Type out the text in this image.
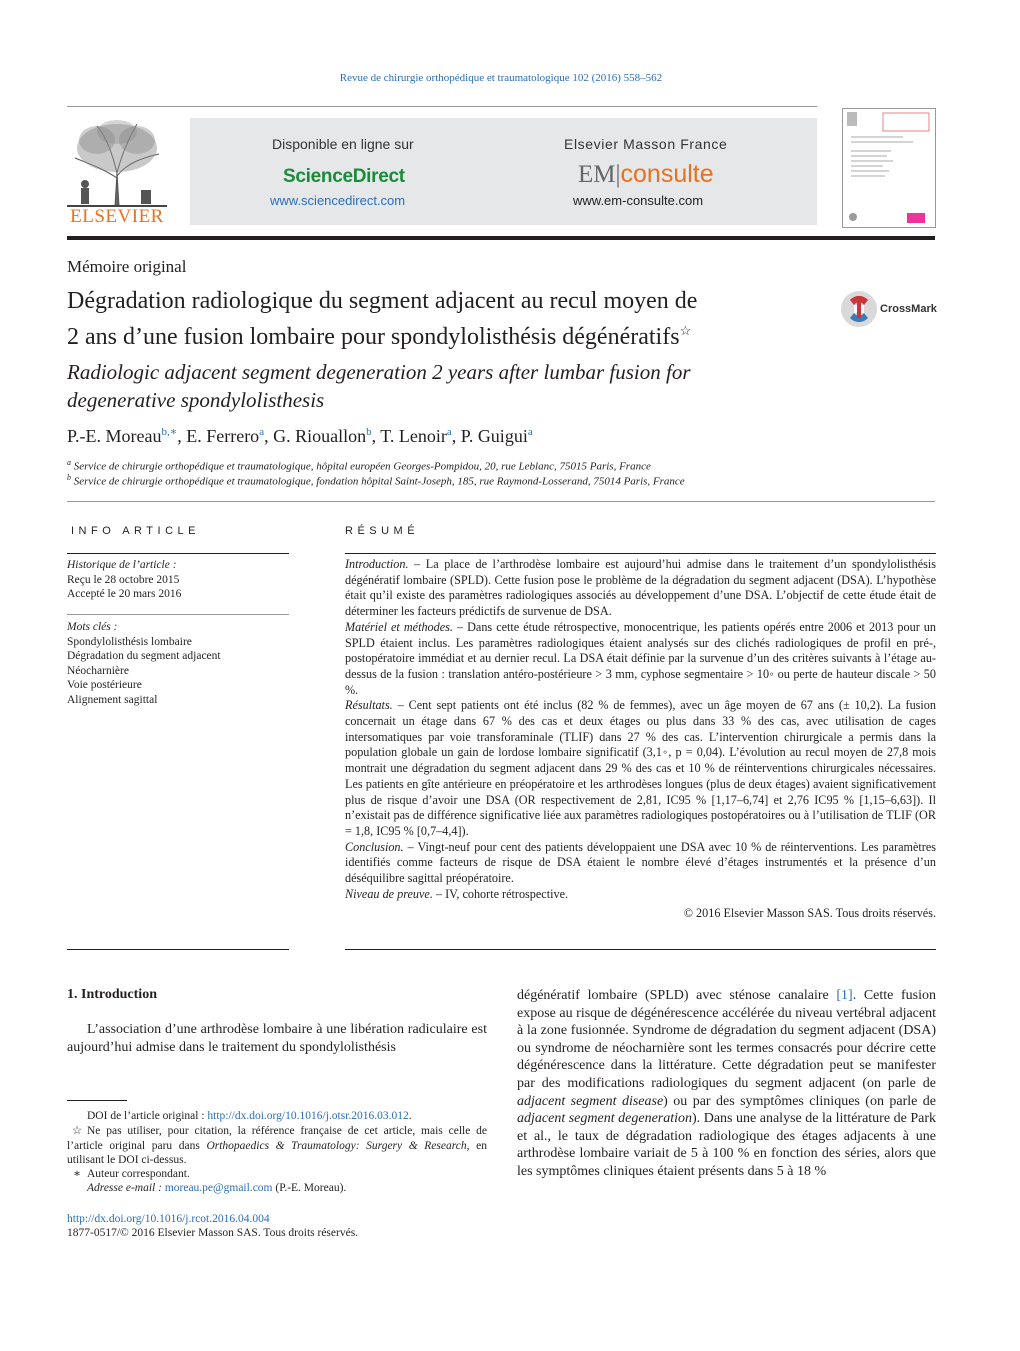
Revue de chirurgie orthopédique et traumatologique 102 (2016) 558–562
ELSEVIER
Disponible en ligne sur
ScienceDirect
www.sciencedirect.com
Elsevier Masson France
EM|consulte
www.em-consulte.com
Mémoire original
Dégradation radiologique du segment adjacent au recul moyen de
2 ans d’une fusion lombaire pour spondylolisthésis dégénératifs☆
CrossMark
Radiologic adjacent segment degeneration 2 years after lumbar fusion for
degenerative spondylolisthesis
P.-E. Moreau$^{b,∗}$, E. Ferrero$^a$, G. Riouallon$^b$, T. Lenoir$^a$, P. Guigui$^a$
$^a$ Service de chirurgie orthopédique et traumatologique, hôpital européen Georges-Pompidou, 20, rue Leblanc, 75015 Paris, France
$^b$ Service de chirurgie orthopédique et traumatologique, fondation hôpital Saint-Joseph, 185, rue Raymond-Losserand, 75014 Paris, France
INFO ARTICLE
Historique de l’article :
Reçu le 28 octobre 2015
Accepté le 20 mars 2016
Mots clés :
Spondylolisthésis lombaire
Dégradation du segment adjacent
Néocharnière
Voie postérieure
Alignement sagittal
RÉSUMÉ

Introduction. – La place de l’arthrodèse lombaire est aujourd’hui admise dans le traitement d’un spondylolisthésis dégénératif lombaire (SPLD). Cette fusion pose le problème de la dégradation du segment adjacent (DSA). L’hypothèse était qu’il existe des paramètres radiologiques associés au développement d’une DSA. L’objectif de cette étude était de déterminer les facteurs prédictifs de survenue de DSA.

Matériel et méthodes. – Dans cette étude rétrospective, monocentrique, les patients opérés entre 2006 et 2013 pour un SPLD étaient inclus. Les paramètres radiologiques étaient analysés sur des clichés radiologiques de profil en pré-, postopératoire immédiat et au dernier recul. La DSA était définie par la survenue d’un des critères suivants à l’étage au-dessus de la fusion : translation antéro-postérieure > 3 mm, cyphose segmentaire > 10◦ ou perte de hauteur discale > 50 %.

Résultats. – Cent sept patients ont été inclus (82 % de femmes), avec un âge moyen de 67 ans (± 10,2). La fusion concernait un étage dans 67 % des cas et deux étages ou plus dans 33 % des cas, avec utilisation de cages intersomatiques par voie transforaminale (TLIF) dans 27 % des cas. L’intervention chirurgicale a permis dans la population globale un gain de lordose lombaire significatif (3,1◦, p = 0,04). L’évolution au recul moyen de 27,8 mois montrait une dégradation du segment adjacent dans 29 % des cas et 10 % de réinterventions chirurgicales nécessaires. Les patients en gîte antérieure en préopératoire et les arthrodèses longues (plus de deux étages) avaient significativement plus de risque d’avoir une DSA (OR respectivement de 2,81, IC95 % [1,17–6,74] et 2,76 IC95 % [1,15–6,63]). Il n’existait pas de différence significative liée aux paramètres radiologiques postopératoires ou à l’utilisation de TLIF (OR = 1,8, IC95 % [0,7–4,4]).

Conclusion. – Vingt-neuf pour cent des patients développaient une DSA avec 10 % de réinterventions. Les paramètres identifiés comme facteurs de risque de DSA étaient le nombre élevé d’étages instrumentés et la présence d’un déséquilibre sagittal préopératoire.

Niveau de preuve. – IV, cohorte rétrospective.

© 2016 Elsevier Masson SAS. Tous droits réservés.
1. Introduction
L’association d’une arthrodèse lombaire à une libération radiculaire est aujourd’hui admise dans le traitement du spondylolisthésis
dégénératif lombaire (SPLD) avec sténose canalaire [1]. Cette fusion expose au risque de dégénérescence accélérée du niveau vertébral adjacent à la zone fusionnée. Syndrome de dégradation du segment adjacent (DSA) ou syndrome de néocharnière sont les termes consacrés pour décrire cette dégénérescence dans la littérature. Cette dégradation peut se manifester par des modifications radiologiques du segment adjacent (on parle de adjacent segment disease) ou par des symptômes cliniques (on parle de adjacent segment degeneration). Dans une analyse de la littérature de Park et al., le taux de dégradation radiologique des étages adjacents à une arthrodèse lombaire variait de 5 à 100 % en fonction des séries, alors que les symptômes cliniques étaient présents dans 5 à 18 %
DOI de l’article original : http://dx.doi.org/10.1016/j.otsr.2016.03.012.
☆ Ne pas utiliser, pour citation, la référence française de cet article, mais celle de l’article original paru dans Orthopaedics & Traumatology: Surgery & Research, en utilisant le DOI ci-dessus.
∗ Auteur correspondant.
Adresse e-mail : moreau.pe@gmail.com (P.-E. Moreau).
http://dx.doi.org/10.1016/j.rcot.2016.04.004
1877-0517/© 2016 Elsevier Masson SAS. Tous droits réservés.
